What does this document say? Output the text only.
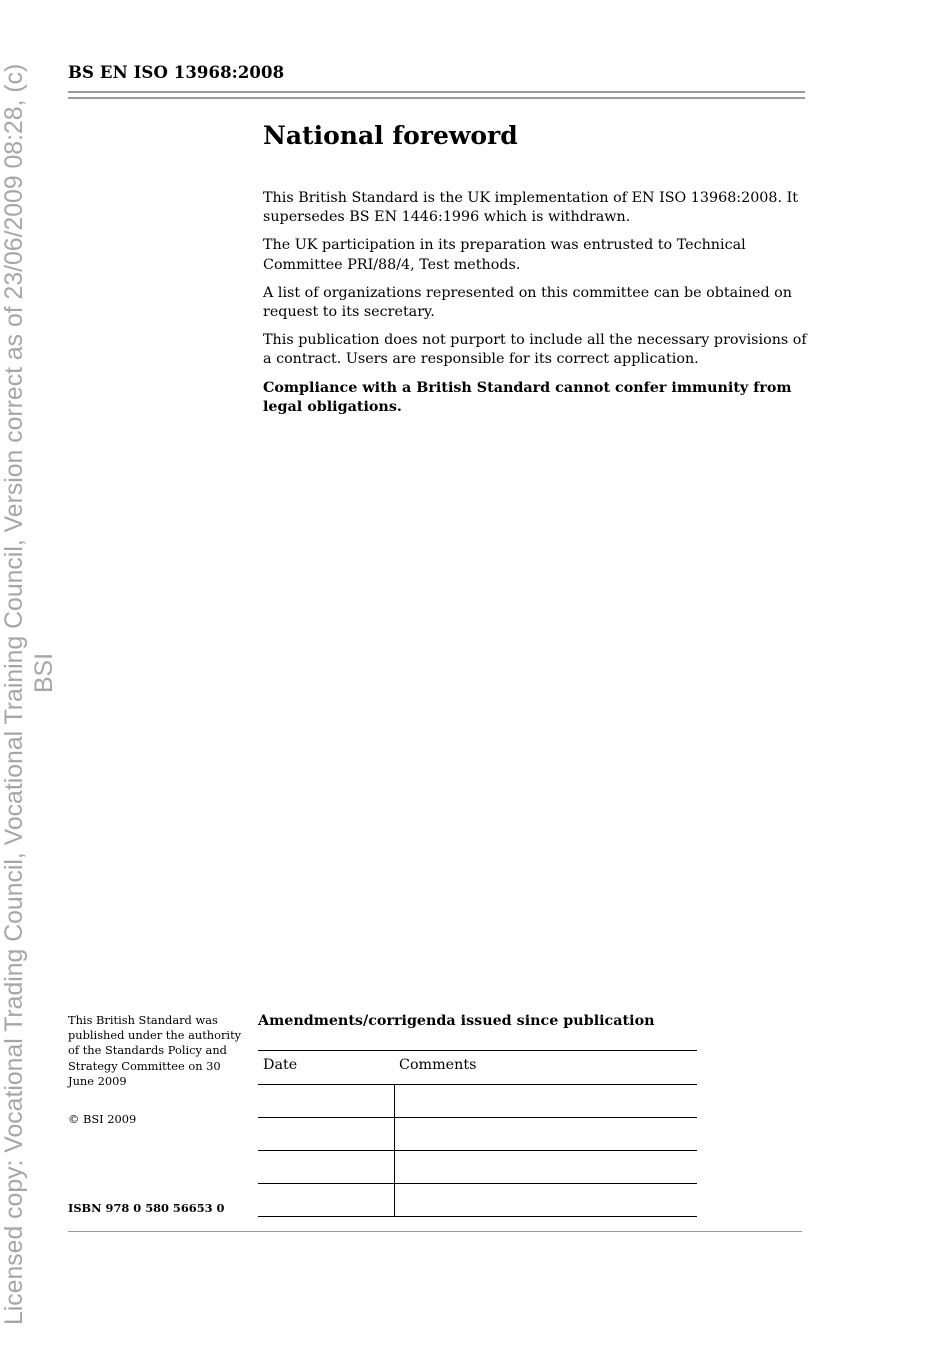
Licensed copy: Vocational Trading Council, Vocational Training Council, Version correct as of 23/06/2009 08:28, (c) BSI
BS EN ISO 13968:2008
National foreword

This British Standard is the UK implementation of EN ISO 13968:2008. It supersedes BS EN 1446:1996 which is withdrawn.

The UK participation in its preparation was entrusted to Technical Committee PRI/88/4, Test methods.

A list of organizations represented on this committee can be obtained on request to its secretary.

This publication does not purport to include all the necessary provisions of a contract. Users are responsible for its correct application.

Compliance with a British Standard cannot confer immunity from legal obligations.

This British Standard was published under the authority of the Standards Policy and Strategy Committee on 30 June 2009
© BSI 2009
ISBN 978 0 580 56653 0
Amendments/corrigenda issued since publication
Date	Comments
